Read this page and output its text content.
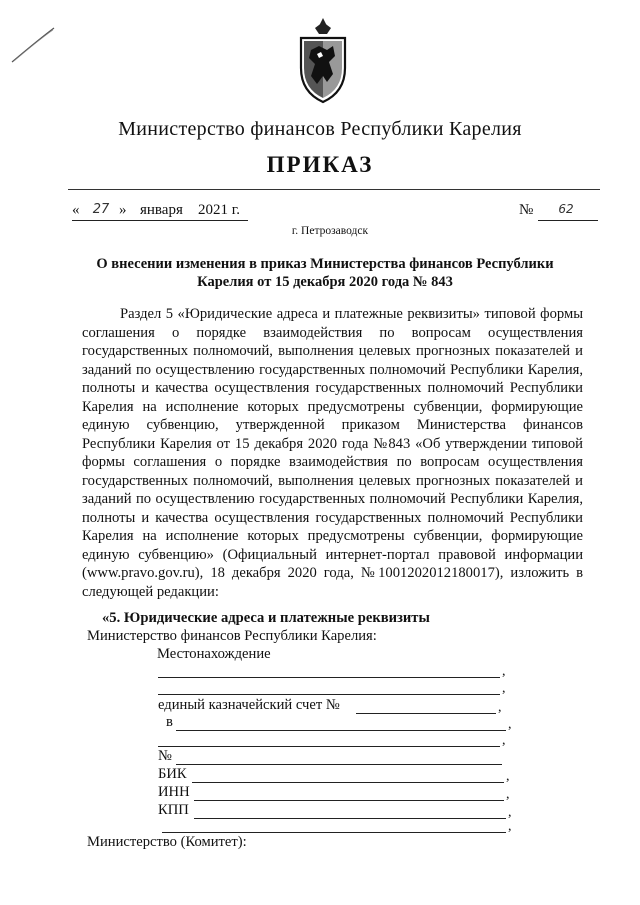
Министерство финансов Республики Карелия
ПРИКАЗ
«	27 » января 2021 г.	№	62
г. Петрозаводск
О внесении изменения в приказ Министерства финансов Республики Карелия от 15 декабря 2020 года № 843
Раздел 5 «Юридические адреса и платежные реквизиты» типовой формы соглашения о порядке взаимодействия по вопросам осуществления государственных полномочий, выполнения целевых прогнозных показателей и заданий по осуществлению государственных полномочий Республики Карелия, полноты и качества осуществления государственных полномочий Республики Карелия на исполнение которых предусмотрены субвенции, формирующие единую субвенцию, утвержденной приказом Министерства финансов Республики Карелия от 15 декабря 2020 года №843 «Об утверждении типовой формы соглашения о порядке взаимодействия по вопросам осуществления государственных полномочий, выполнения целевых прогнозных показателей и заданий по осуществлению государственных полномочий Республики Карелия, полноты и качества осуществления государственных полномочий Республики Карелия на исполнение которых предусмотрены субвенции, формирующие единую субвенцию» (Официальный интернет-портал правовой информации (www.pravo.gov.ru), 18 декабря 2020 года, №1001202012180017), изложить в следующей редакции:
«5. Юридические адреса и платежные реквизиты
Министерство финансов Республики Карелия:
Местонахождение
,
,
единый казначейский счет №	,
в	,
,
№
БИК	,
ИНН	,
КПП	,
,
Министерство (Комитет):
